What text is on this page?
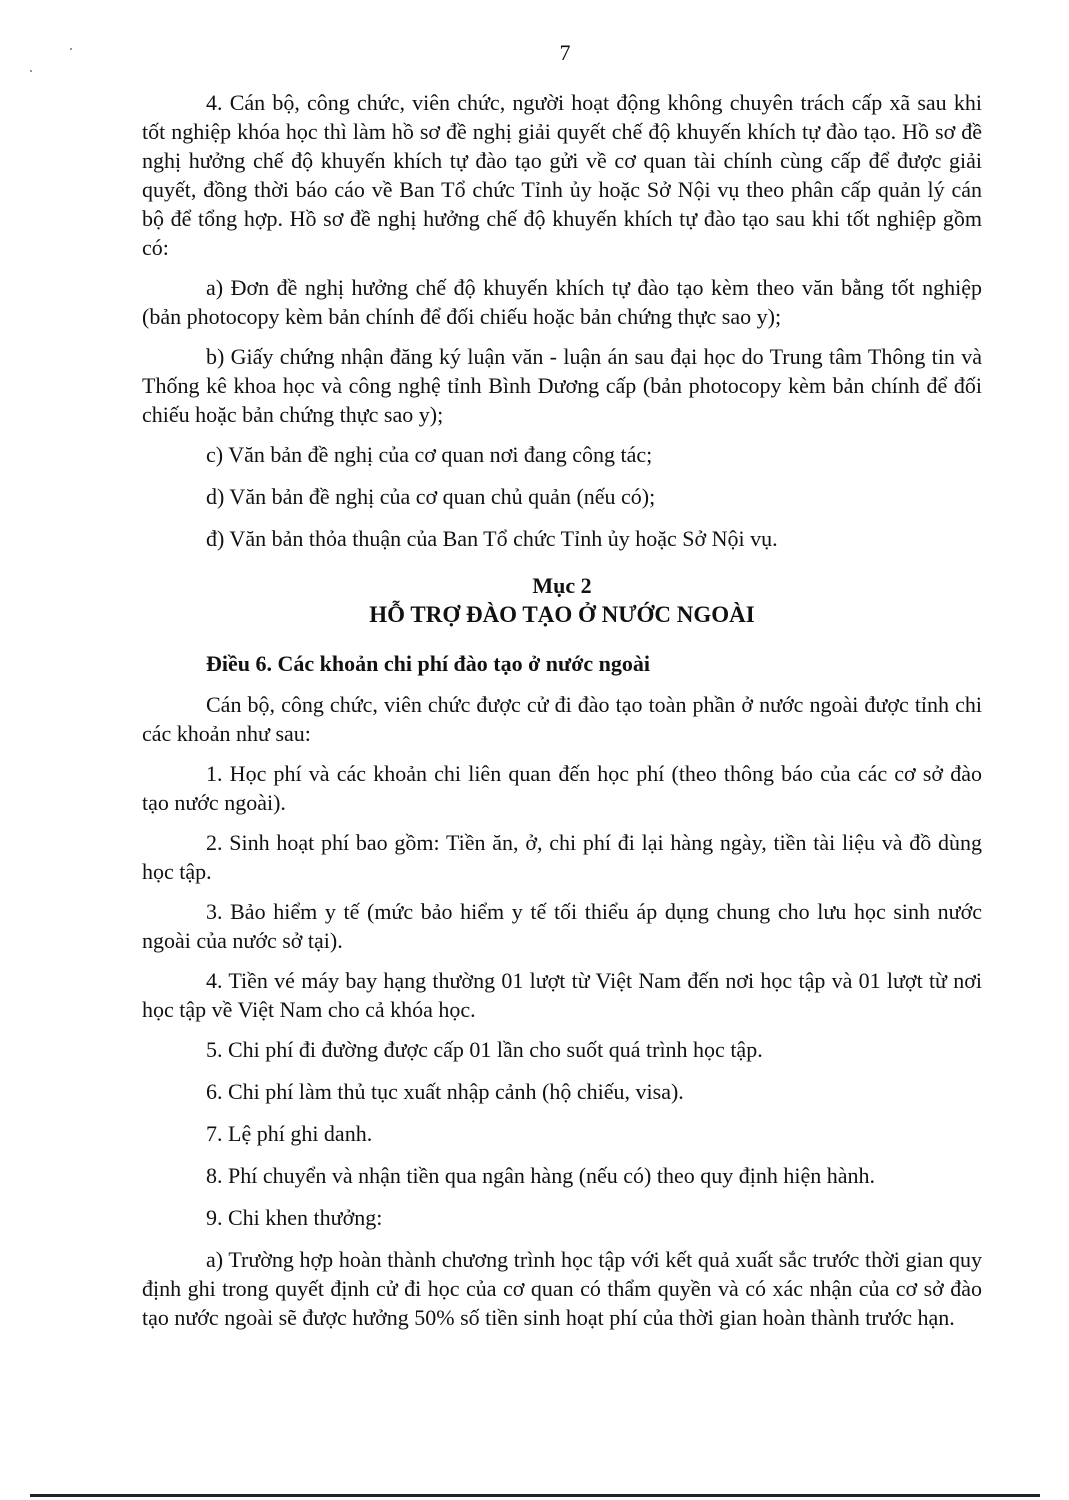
7

4. Cán bộ, công chức, viên chức, người hoạt động không chuyên trách cấp xã sau khi tốt nghiệp khóa học thì làm hồ sơ đề nghị giải quyết chế độ khuyến khích tự đào tạo. Hồ sơ đề nghị hưởng chế độ khuyến khích tự đào tạo gửi về cơ quan tài chính cùng cấp để được giải quyết, đồng thời báo cáo về Ban Tổ chức Tỉnh ủy hoặc Sở Nội vụ theo phân cấp quản lý cán bộ để tổng hợp. Hồ sơ đề nghị hưởng chế độ khuyến khích tự đào tạo sau khi tốt nghiệp gồm có:

a) Đơn đề nghị hưởng chế độ khuyến khích tự đào tạo kèm theo văn bằng tốt nghiệp (bản photocopy kèm bản chính để đối chiếu hoặc bản chứng thực sao y);

b) Giấy chứng nhận đăng ký luận văn - luận án sau đại học do Trung tâm Thông tin và Thống kê khoa học và công nghệ tỉnh Bình Dương cấp (bản photocopy kèm bản chính để đối chiếu hoặc bản chứng thực sao y);

c) Văn bản đề nghị của cơ quan nơi đang công tác;

d) Văn bản đề nghị của cơ quan chủ quản (nếu có);

đ) Văn bản thỏa thuận của Ban Tổ chức Tỉnh ủy hoặc Sở Nội vụ.

Mục 2
HỖ TRỢ ĐÀO TẠO Ở NƯỚC NGOÀI

Điều 6. Các khoản chi phí đào tạo ở nước ngoài

Cán bộ, công chức, viên chức được cử đi đào tạo toàn phần ở nước ngoài được tỉnh chi các khoản như sau:

1. Học phí và các khoản chi liên quan đến học phí (theo thông báo của các cơ sở đào tạo nước ngoài).

2. Sinh hoạt phí bao gồm: Tiền ăn, ở, chi phí đi lại hàng ngày, tiền tài liệu và đồ dùng học tập.

3. Bảo hiểm y tế (mức bảo hiểm y tế tối thiểu áp dụng chung cho lưu học sinh nước ngoài của nước sở tại).

4. Tiền vé máy bay hạng thường 01 lượt từ Việt Nam đến nơi học tập và 01 lượt từ nơi học tập về Việt Nam cho cả khóa học.

5. Chi phí đi đường được cấp 01 lần cho suốt quá trình học tập.

6. Chi phí làm thủ tục xuất nhập cảnh (hộ chiếu, visa).

7. Lệ phí ghi danh.

8. Phí chuyển và nhận tiền qua ngân hàng (nếu có) theo quy định hiện hành.

9. Chi khen thưởng:

a) Trường hợp hoàn thành chương trình học tập với kết quả xuất sắc trước thời gian quy định ghi trong quyết định cử đi học của cơ quan có thẩm quyền và có xác nhận của cơ sở đào tạo nước ngoài sẽ được hưởng 50% số tiền sinh hoạt phí của thời gian hoàn thành trước hạn.
